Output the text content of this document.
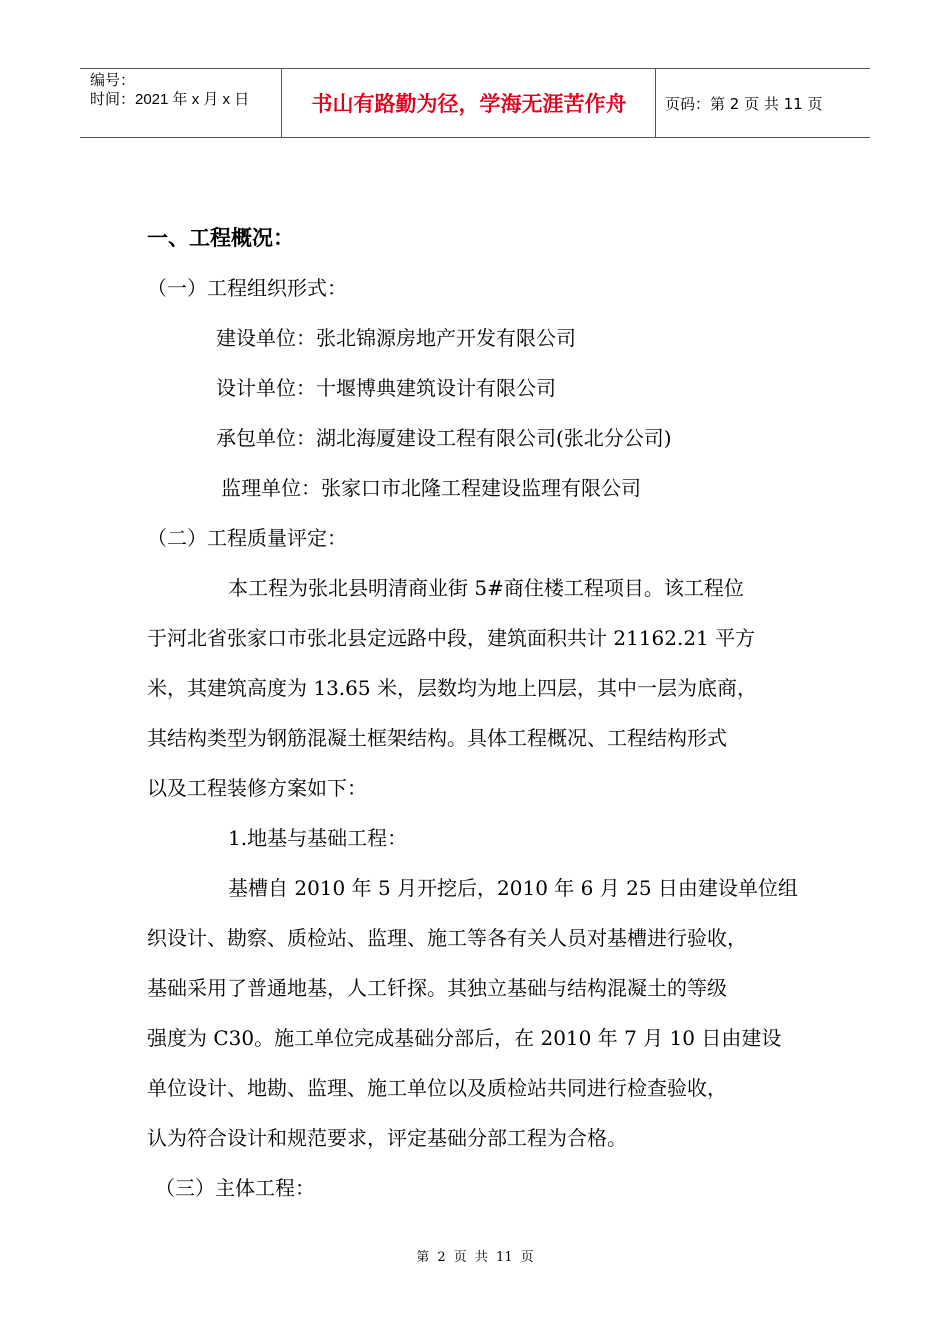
编号：
时间：2021 年 x 月 x 日	书山有路勤为径，学海无涯苦作舟	页码：第 2 页 共 11 页
一、工程概况：
（一）工程组织形式：
建设单位：张北锦源房地产开发有限公司
设计单位：十堰博典建筑设计有限公司
承包单位：湖北海厦建设工程有限公司(张北分公司)
监理单位：张家口市北隆工程建设监理有限公司
（二）工程质量评定：
本工程为张北县明清商业街 5#商住楼工程项目。该工程位
于河北省张家口市张北县定远路中段，建筑面积共计 21162.21 平方
米，其建筑高度为 13.65 米，层数均为地上四层，其中一层为底商，
其结构类型为钢筋混凝土框架结构。具体工程概况、工程结构形式
以及工程装修方案如下：
1.地基与基础工程：
基槽自 2010 年 5 月开挖后，2010 年 6 月 25 日由建设单位组
织设计、勘察、质检站、监理、施工等各有关人员对基槽进行验收，
基础采用了普通地基，人工钎探。其独立基础与结构混凝土的等级
强度为 C30。施工单位完成基础分部后，在 2010 年 7 月 10 日由建设
单位设计、地勘、监理、施工单位以及质检站共同进行检查验收，
认为符合设计和规范要求，评定基础分部工程为合格。
（三）主体工程：
第 2 页 共 11 页
